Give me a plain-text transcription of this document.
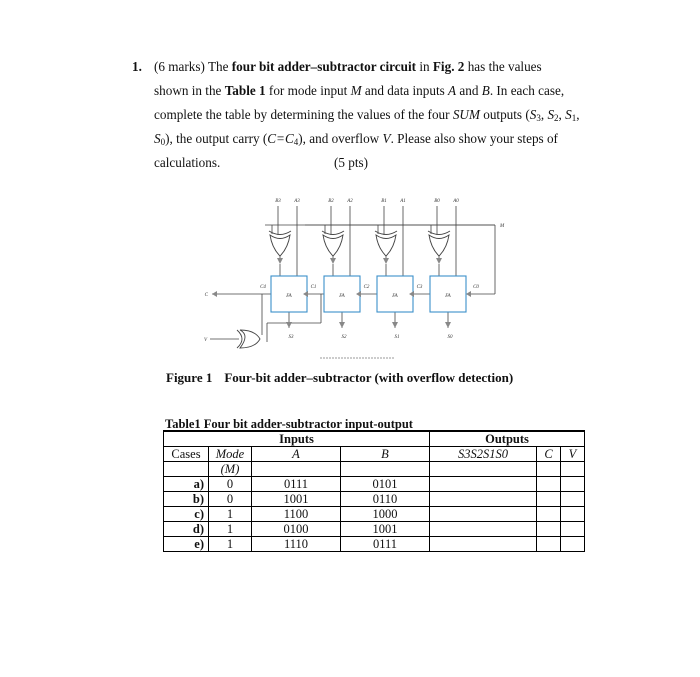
1. (6 marks) The four bit adder–subtractor circuit in Fig. 2 has the values
shown in the Table 1 for mode input M and data inputs A and B. In each case,
complete the table by determining the values of the four SUM outputs ($S_3$, $S_2$, $S_1$,
$S_0$), the output carry $(C=C_4)$, and overflow V. Please also show your steps of
calculations.	(5 pts)
B3	A3
FA
S3
B2	A2
FA
S2
B1	A1
FA
S1
B0	A0
FA
S0
M
C0
C1	C2	C3
C
C4
V
Figure 1 Four-bit adder–subtractor (with overflow detection)
Table1 Four bit adder-subtractor input-output
Inputs				Outputs		
Cases	Mode	A	B	S3S2S1S0	C	V
	(M)					
a)	0	0111	0101			
b)	0	1001	0110			
c)	1	1100	1000			
d)	1	0100	1001			
e)	1	1110	0111			
